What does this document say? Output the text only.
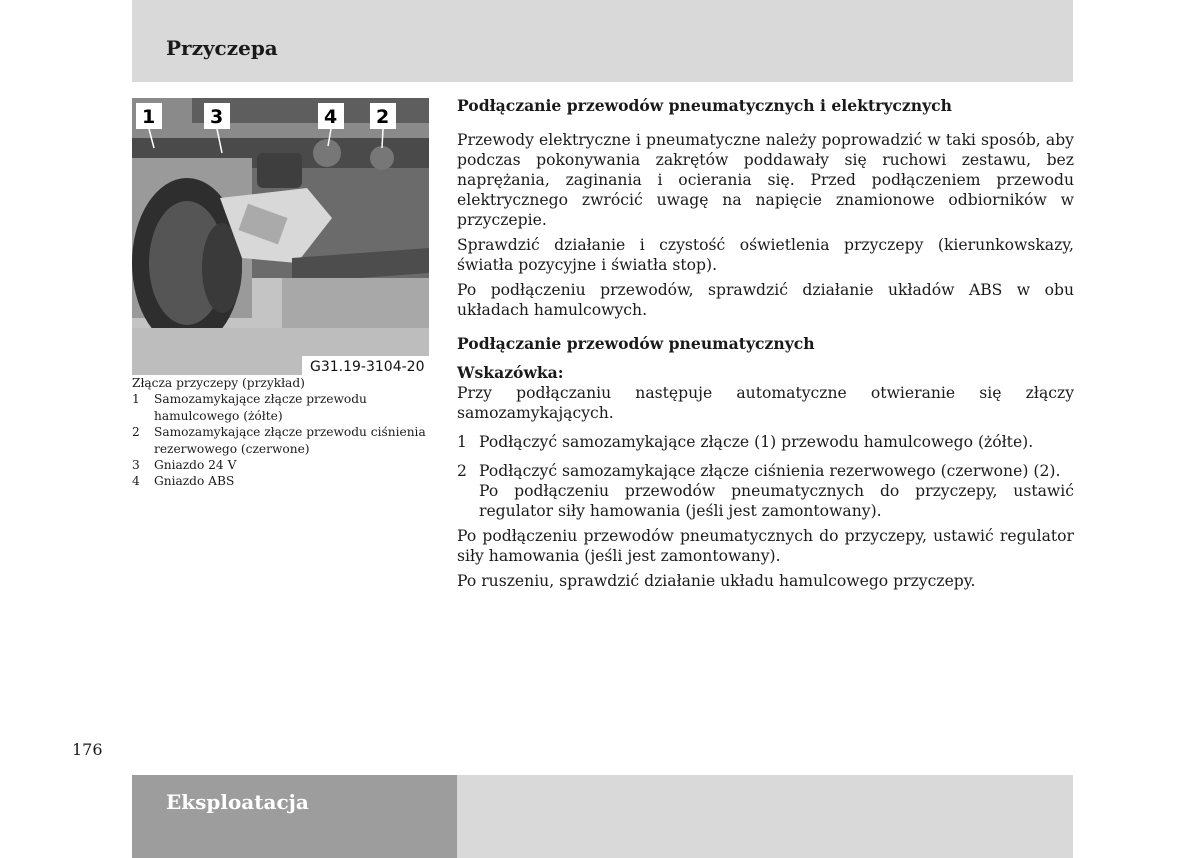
Przyczepa
G31.19-3104-20
1	3	4 2

Złącza przyczepy (przykład)

1	Samozamykające złącze przewodu hamulcowego (żółte)
2	Samozamykające złącze przewodu ciśnienia rezerwowego (czerwone)
3	Gniazdo 24 V
4	Gniazdo ABS

Podłączanie przewodów pneumatycznych i elektrycznych

Przewody elektryczne i pneumatyczne należy poprowadzić w taki sposób, aby podczas pokonywania zakrętów poddawały się ruchowi zestawu, bez naprężania, zaginania i ocierania się. Przed podłączeniem przewodu elektrycznego zwrócić uwagę na napięcie znamionowe odbiorników w przyczepie.

Sprawdzić działanie i czystość oświetlenia przyczepy (kierunkowskazy, światła pozycyjne i światła stop).

Po podłączeniu przewodów, sprawdzić działanie układów ABS w obu układach hamulcowych.

Podłączanie przewodów pneumatycznych

Wskazówka:

Przy podłączaniu następuje automatyczne otwieranie się złączy samozamykających.

1 Podłączyć samozamykające złącze (1) przewodu hamulcowego (żółte).

2 Podłączyć samozamykające złącze ciśnienia rezerwowego (czerwone) (2).

Po podłączeniu przewodów pneumatycznych do przyczepy, ustawić regulator siły hamowania (jeśli jest zamontowany).

Po podłączeniu przewodów pneumatycznych do przyczepy, ustawić regulator siły hamowania (jeśli jest zamontowany).

Po ruszeniu, sprawdzić działanie układu hamulcowego przyczepy.

176
Eksploatacja
